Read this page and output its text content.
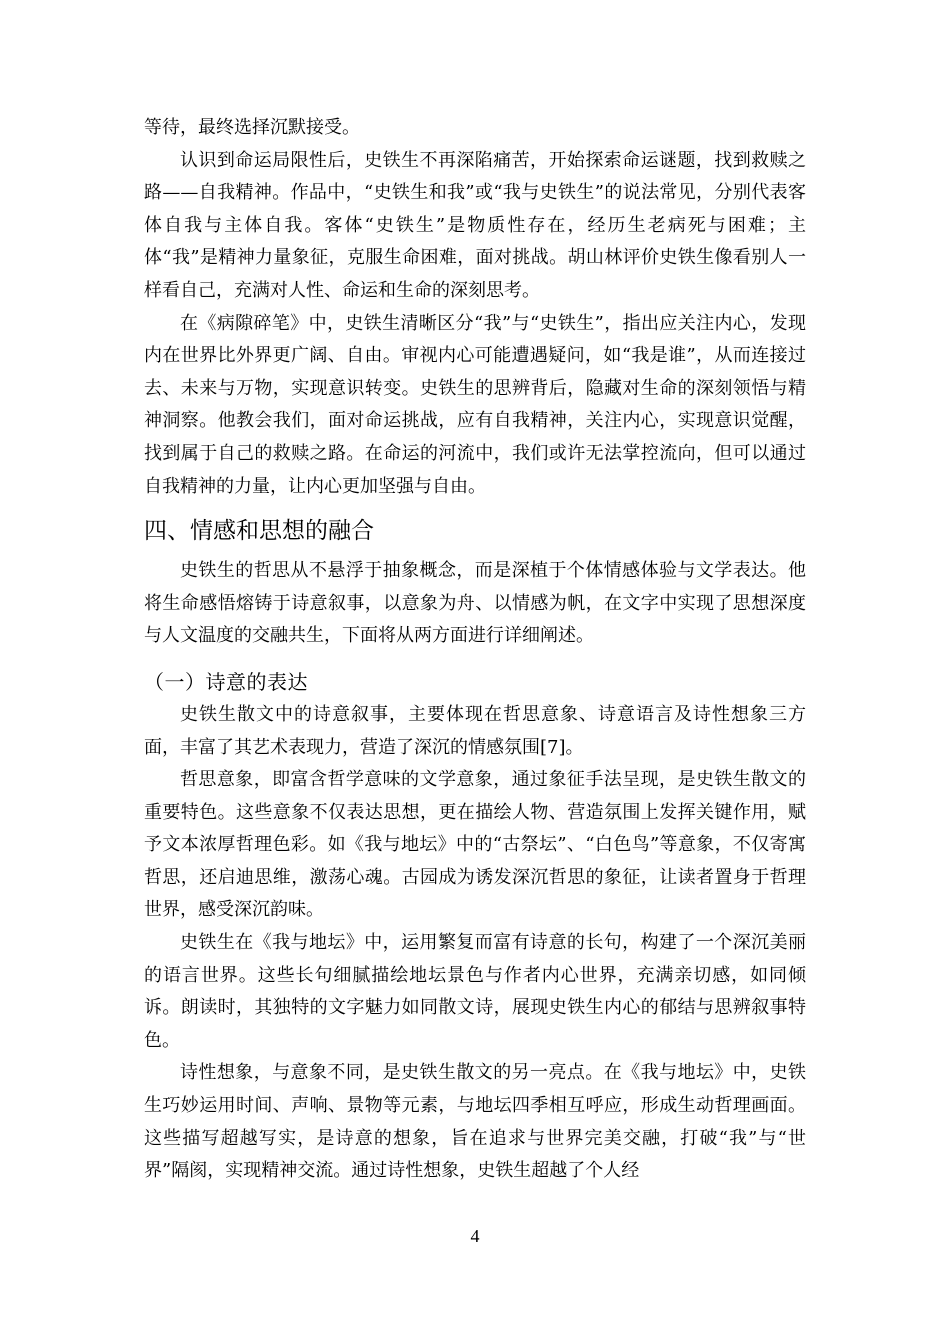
等待，最终选择沉默接受。

认识到命运局限性后，史铁生不再深陷痛苦，开始探索命运谜题，找到救赎之路——自我精神。作品中，“史铁生和我”或“我与史铁生”的说法常见，分别代表客体自我与主体自我。客体“史铁生”是物质性存在，经历生老病死与困难；主体“我”是精神力量象征，克服生命困难，面对挑战。胡山林评价史铁生像看别人一样看自己，充满对人性、命运和生命的深刻思考。

在《病隙碎笔》中，史铁生清晰区分“我”与“史铁生”，指出应关注内心，发现内在世界比外界更广阔、自由。审视内心可能遭遇疑问，如“我是谁”，从而连接过去、未来与万物，实现意识转变。史铁生的思辨背后，隐藏对生命的深刻领悟与精神洞察。他教会我们，面对命运挑战，应有自我精神，关注内心，实现意识觉醒，找到属于自己的救赎之路。在命运的河流中，我们或许无法掌控流向，但可以通过自我精神的力量，让内心更加坚强与自由。

四、情感和思想的融合

史铁生的哲思从不悬浮于抽象概念，而是深植于个体情感体验与文学表达。他将生命感悟熔铸于诗意叙事，以意象为舟、以情感为帆，在文字中实现了思想深度与人文温度的交融共生，下面将从两方面进行详细阐述。

（一）诗意的表达

史铁生散文中的诗意叙事，主要体现在哲思意象、诗意语言及诗性想象三方面，丰富了其艺术表现力，营造了深沉的情感氛围[7]。

哲思意象，即富含哲学意味的文学意象，通过象征手法呈现，是史铁生散文的重要特色。这些意象不仅表达思想，更在描绘人物、营造氛围上发挥关键作用，赋予文本浓厚哲理色彩。如《我与地坛》中的“古祭坛”、“白色鸟”等意象，不仅寄寓哲思，还启迪思维，激荡心魂。古园成为诱发深沉哲思的象征，让读者置身于哲理世界，感受深沉韵味。

史铁生在《我与地坛》中，运用繁复而富有诗意的长句，构建了一个深沉美丽的语言世界。这些长句细腻描绘地坛景色与作者内心世界，充满亲切感，如同倾诉。朗读时，其独特的文字魅力如同散文诗，展现史铁生内心的郁结与思辨叙事特色。

诗性想象，与意象不同，是史铁生散文的另一亮点。在《我与地坛》中，史铁生巧妙运用时间、声响、景物等元素，与地坛四季相互呼应，形成生动哲理画面。这些描写超越写实，是诗意的想象，旨在追求与世界完美交融，打破“我”与“世界”隔阂，实现精神交流。通过诗性想象，史铁生超越了个人经

4
